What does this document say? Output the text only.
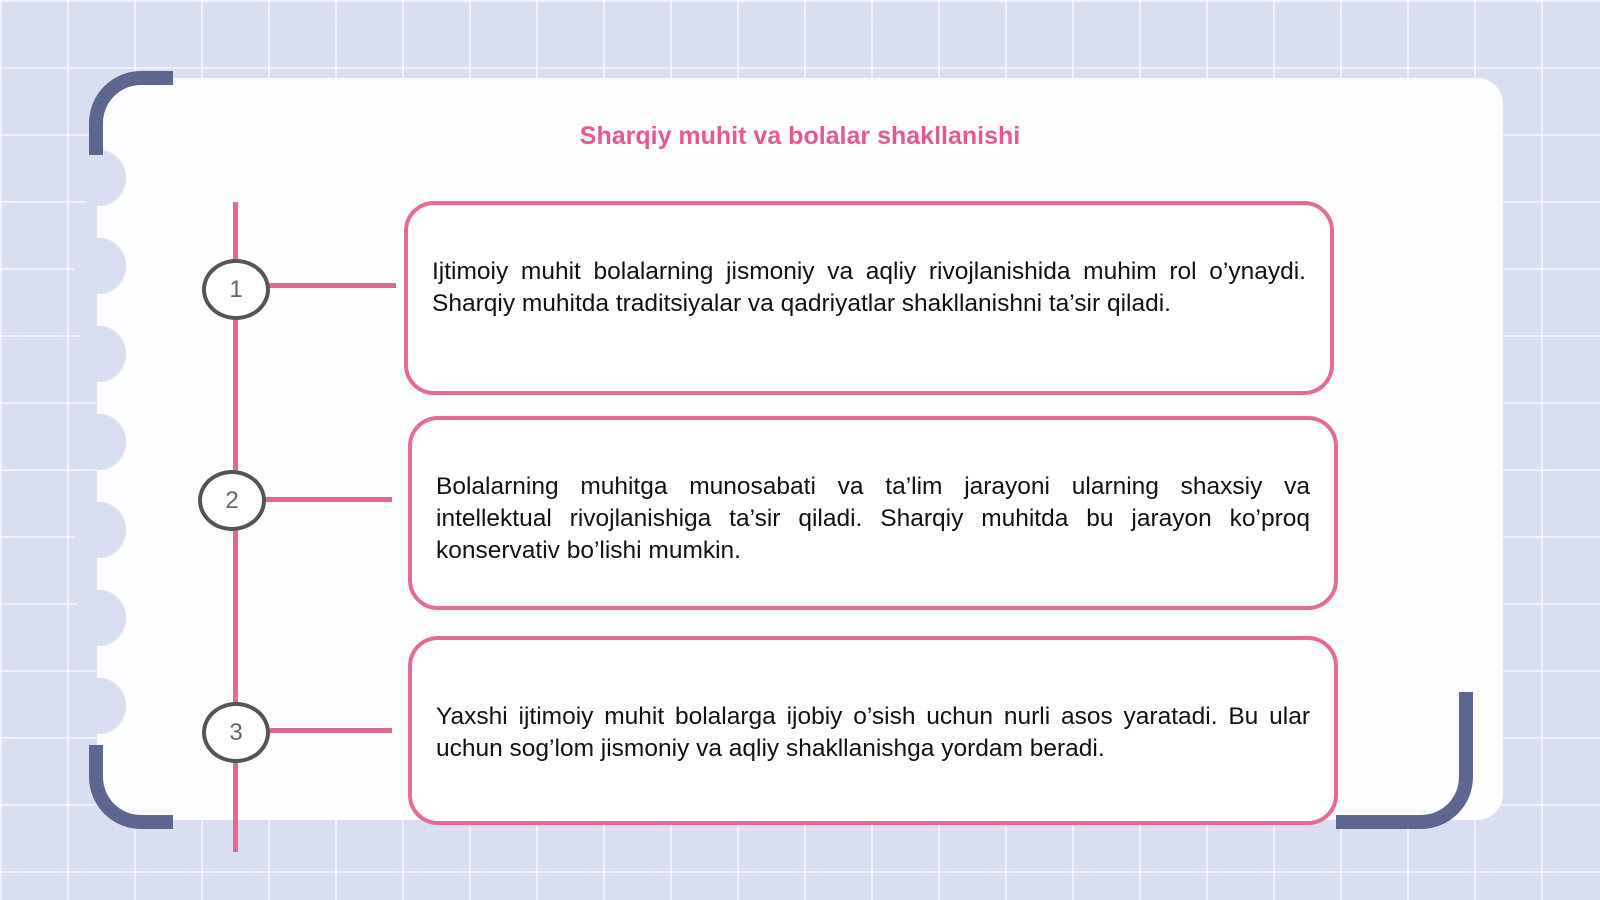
Sharqiy muhit va bolalar shakllanishi
1
2
3
Ijtimoiy muhit bolalarning jismoniy va aqliy rivojlanishida muhim rol o’ynaydi. Sharqiy muhitda traditsiyalar va qadriyatlar shakllanishni ta’sir qiladi.
Bolalarning muhitga munosabati va ta’lim jarayoni ularning shaxsiy va intellektual rivojlanishiga ta’sir qiladi. Sharqiy muhitda bu jarayon ko’proq konservativ bo’lishi mumkin.
Yaxshi ijtimoiy muhit bolalarga ijobiy o’sish uchun nurli asos yaratadi. Bu ular uchun sog’lom jismoniy va aqliy shakllanishga yordam beradi.
